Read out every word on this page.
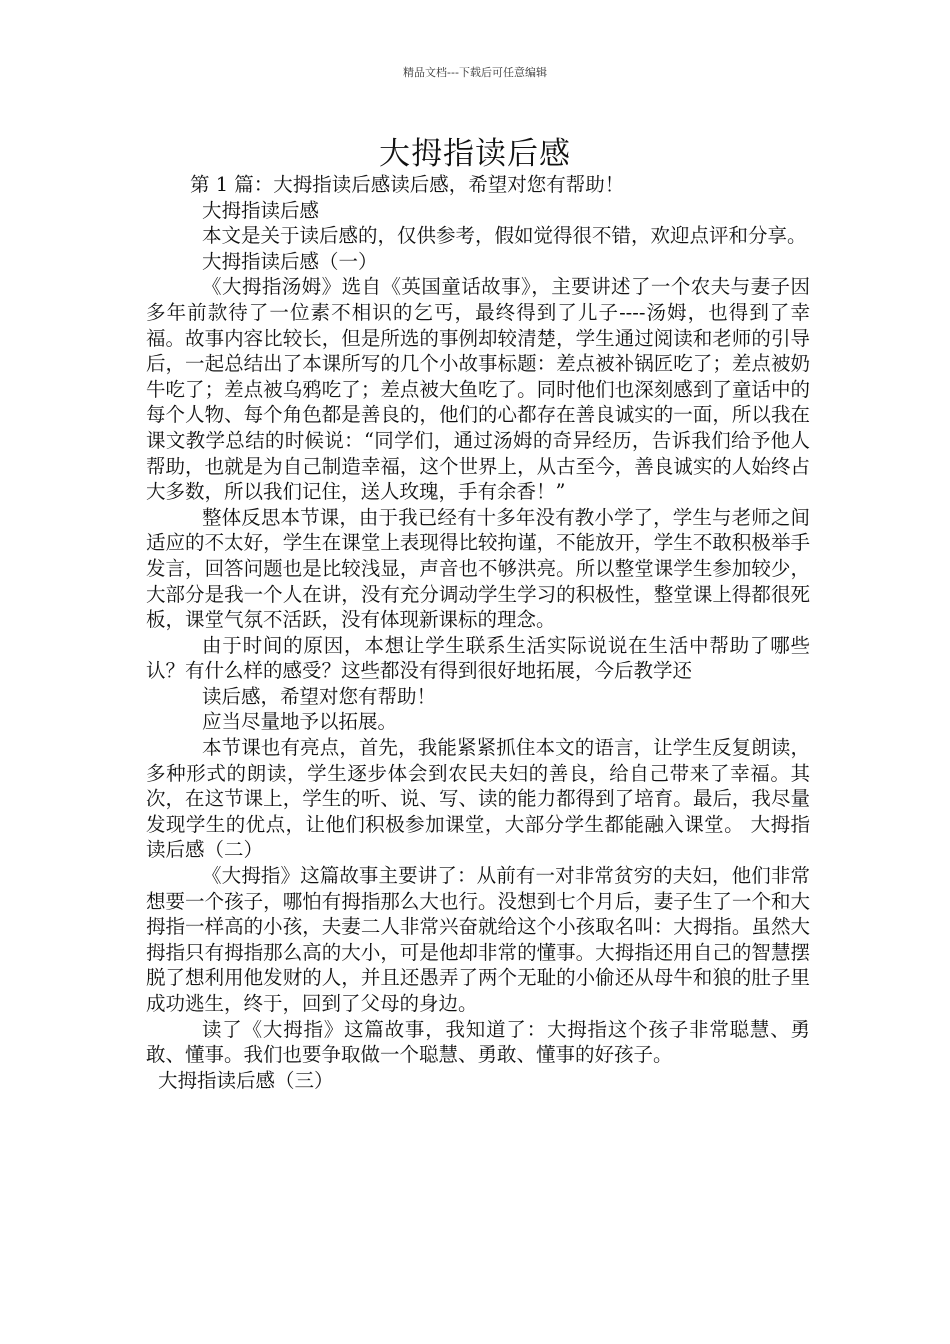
精品文档---下载后可任意编辑
大拇指读后感

第 1 篇：大拇指读后感读后感，希望对您有帮助！

大拇指读后感

本文是关于读后感的，仅供参考，假如觉得很不错，欢迎点评和分享。

大拇指读后感（一）

《大拇指汤姆》选自《英国童话故事》，主要讲述了一个农夫与妻子因多年前款待了一位素不相识的乞丐，最终得到了儿子----汤姆，也得到了幸福。故事内容比较长，但是所选的事例却较清楚，学生通过阅读和老师的引导后，一起总结出了本课所写的几个小故事标题：差点被补锅匠吃了；差点被奶牛吃了；差点被乌鸦吃了；差点被大鱼吃了。同时他们也深刻感到了童话中的每个人物、每个角色都是善良的，他们的心都存在善良诚实的一面，所以我在课文教学总结的时候说：“同学们，通过汤姆的奇异经历，告诉我们给予他人帮助，也就是为自己制造幸福，这个世界上，从古至今，善良诚实的人始终占大多数，所以我们记住，送人玫瑰，手有余香！”

整体反思本节课，由于我已经有十多年没有教小学了，学生与老师之间适应的不太好，学生在课堂上表现得比较拘谨，不能放开，学生不敢积极举手发言，回答问题也是比较浅显，声音也不够洪亮。所以整堂课学生参加较少，大部分是我一个人在讲，没有充分调动学生学习的积极性，整堂课上得都很死板，课堂气氛不活跃，没有体现新课标的理念。

由于时间的原因，本想让学生联系生活实际说说在生活中帮助了哪些认？有什么样的感受？这些都没有得到很好地拓展，今后教学还

读后感，希望对您有帮助！

应当尽量地予以拓展。

本节课也有亮点，首先，我能紧紧抓住本文的语言，让学生反复朗读，多种形式的朗读，学生逐步体会到农民夫妇的善良，给自己带来了幸福。其次，在这节课上，学生的听、说、写、读的能力都得到了培育。最后，我尽量发现学生的优点，让他们积极参加课堂，大部分学生都能融入课堂。 大拇指读后感（二）

《大拇指》这篇故事主要讲了：从前有一对非常贫穷的夫妇，他们非常想要一个孩子，哪怕有拇指那么大也行。没想到七个月后，妻子生了一个和大拇指一样高的小孩，夫妻二人非常兴奋就给这个小孩取名叫：大拇指。虽然大拇指只有拇指那么高的大小，可是他却非常的懂事。大拇指还用自己的智慧摆脱了想利用他发财的人，并且还愚弄了两个无耻的小偷还从母牛和狼的肚子里成功逃生，终于，回到了父母的身边。

读了《大拇指》这篇故事，我知道了：大拇指这个孩子非常聪慧、勇敢、懂事。我们也要争取做一个聪慧、勇敢、懂事的好孩子。

大拇指读后感（三）
